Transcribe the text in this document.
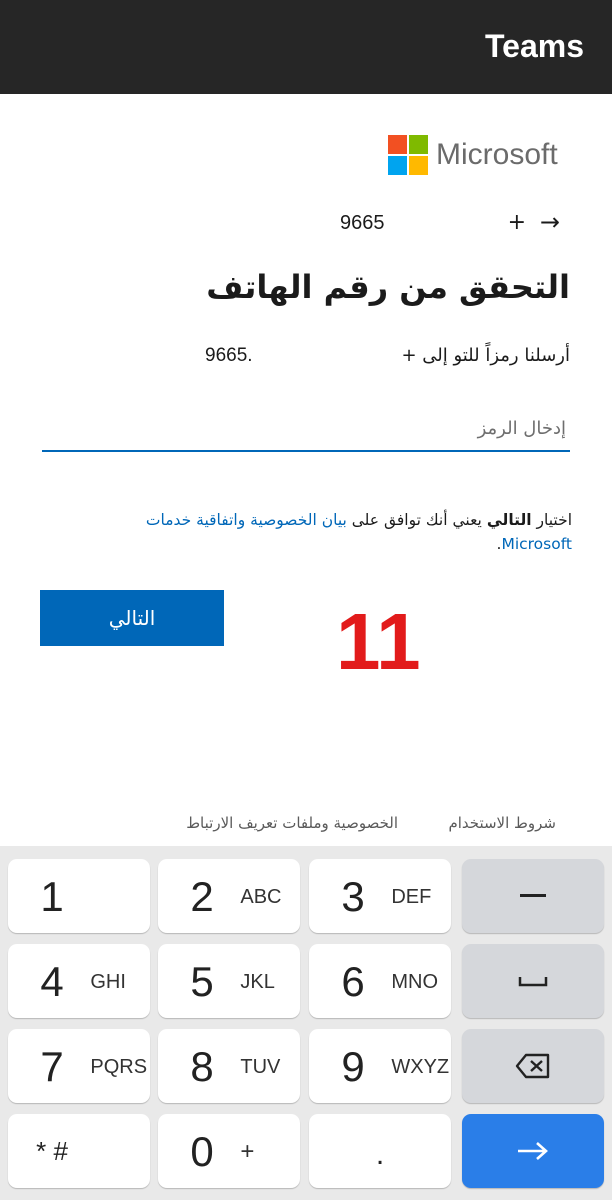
Teams
Microsoft
→
+
9665
التحقق من رقم الهاتف
أرسلنا رمزاً للتو إلى +
9665.
إدخال الرمز
اختيار التالي يعني أنك توافق على بيان الخصوصية واتفاقية خدمات Microsoft.
التالي	11
شروط الاستخدام
الخصوصية وملفات تعريف الارتباط
1	2	ABC	3	DEF
4	GHI	5	JKL	6	MNO
7	PQRS	8	TUV	9	WXYZ
* #	0	+	.
